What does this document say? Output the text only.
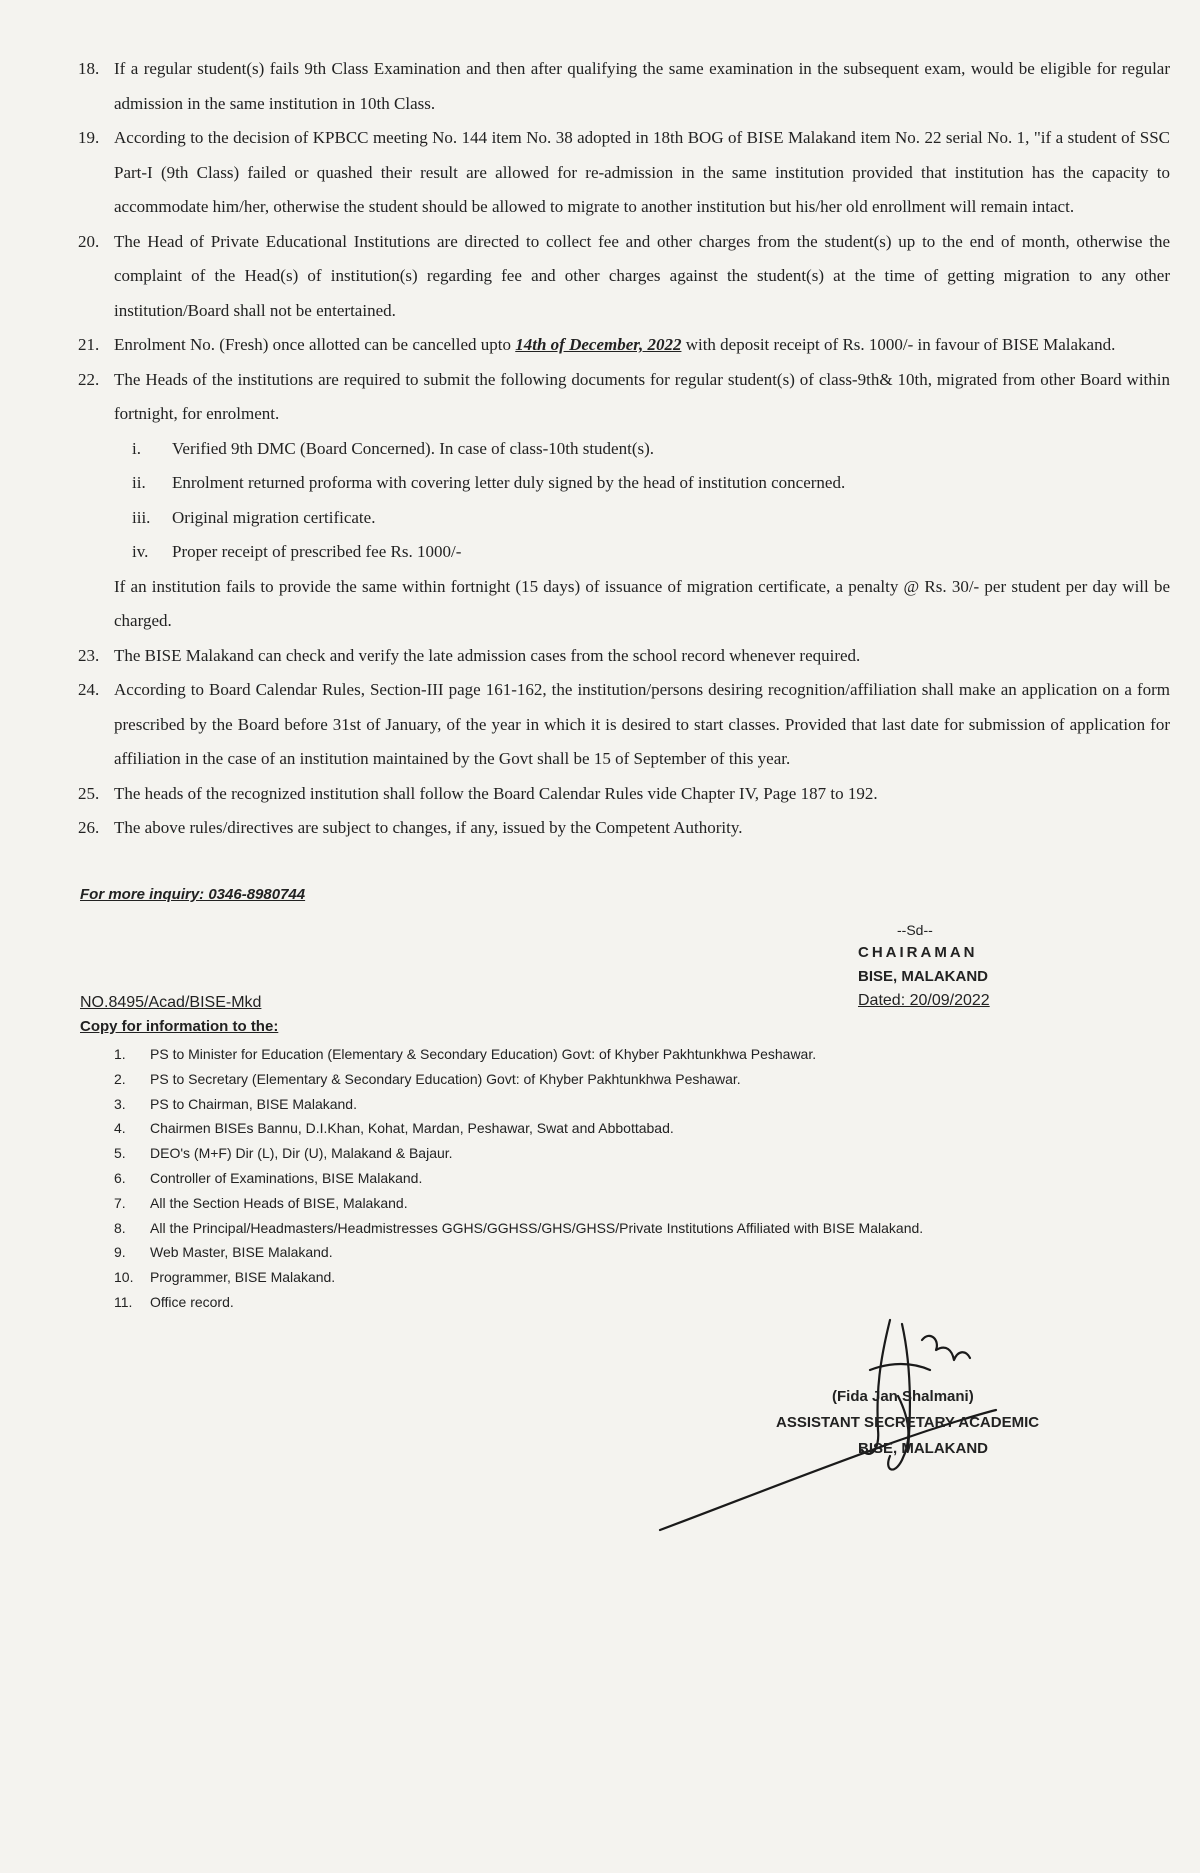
18. If a regular student(s) fails 9th Class Examination and then after qualifying the same examination in the subsequent exam, would be eligible for regular admission in the same institution in 10th Class.
19. According to the decision of KPBCC meeting No. 144 item No. 38 adopted in 18th BOG of BISE Malakand item No. 22 serial No. 1, "if a student of SSC Part-I (9th Class) failed or quashed their result are allowed for re-admission in the same institution provided that institution has the capacity to accommodate him/her, otherwise the student should be allowed to migrate to another institution but his/her old enrollment will remain intact.
20. The Head of Private Educational Institutions are directed to collect fee and other charges from the student(s) up to the end of month, otherwise the complaint of the Head(s) of institution(s) regarding fee and other charges against the student(s) at the time of getting migration to any other institution/Board shall not be entertained.
21. Enrolment No. (Fresh) once allotted can be cancelled upto 14th of December, 2022 with deposit receipt of Rs. 1000/- in favour of BISE Malakand.
22. The Heads of the institutions are required to submit the following documents for regular student(s) of class-9th& 10th, migrated from other Board within fortnight, for enrolment.
i.	Verified 9th DMC (Board Concerned). In case of class-10th student(s).
ii.	Enrolment returned proforma with covering letter duly signed by the head of institution concerned.
iii.	Original migration certificate.
iv.	Proper receipt of prescribed fee Rs. 1000/-
If an institution fails to provide the same within fortnight (15 days) of issuance of migration certificate, a penalty @ Rs. 30/- per student per day will be charged.
23. The BISE Malakand can check and verify the late admission cases from the school record whenever required.
24. According to Board Calendar Rules, Section-III page 161-162, the institution/persons desiring recognition/affiliation shall make an application on a form prescribed by the Board before 31st of January, of the year in which it is desired to start classes. Provided that last date for submission of application for affiliation in the case of an institution maintained by the Govt shall be 15 of September of this year.
25. The heads of the recognized institution shall follow the Board Calendar Rules vide Chapter IV, Page 187 to 192.
26. The above rules/directives are subject to changes, if any, issued by the Competent Authority.
For more inquiry: 0346-8980744
--Sd--
CHAIRAMAN
BISE, MALAKAND
Dated: 20/09/2022
NO.8495/Acad/BISE-Mkd
Copy for information to the:
1.	PS to Minister for Education (Elementary & Secondary Education) Govt: of Khyber Pakhtunkhwa Peshawar.
2.	PS to Secretary (Elementary & Secondary Education) Govt: of Khyber Pakhtunkhwa Peshawar.
3.	PS to Chairman, BISE Malakand.
4.	Chairmen BISEs Bannu, D.I.Khan, Kohat, Mardan, Peshawar, Swat and Abbottabad.
5.	DEO's (M+F) Dir (L), Dir (U), Malakand & Bajaur.
6.	Controller of Examinations, BISE Malakand.
7.	All the Section Heads of BISE, Malakand.
8.	All the Principal/Headmasters/Headmistresses GGHS/GGHSS/GHS/GHSS/Private Institutions Affiliated with BISE Malakand.
9.	Web Master, BISE Malakand.
10.	Programmer, BISE Malakand.
11.	Office record.
(Fida Jan Shalmani)
ASSISTANT SECRETARY ACADEMIC
BISE, MALAKAND
